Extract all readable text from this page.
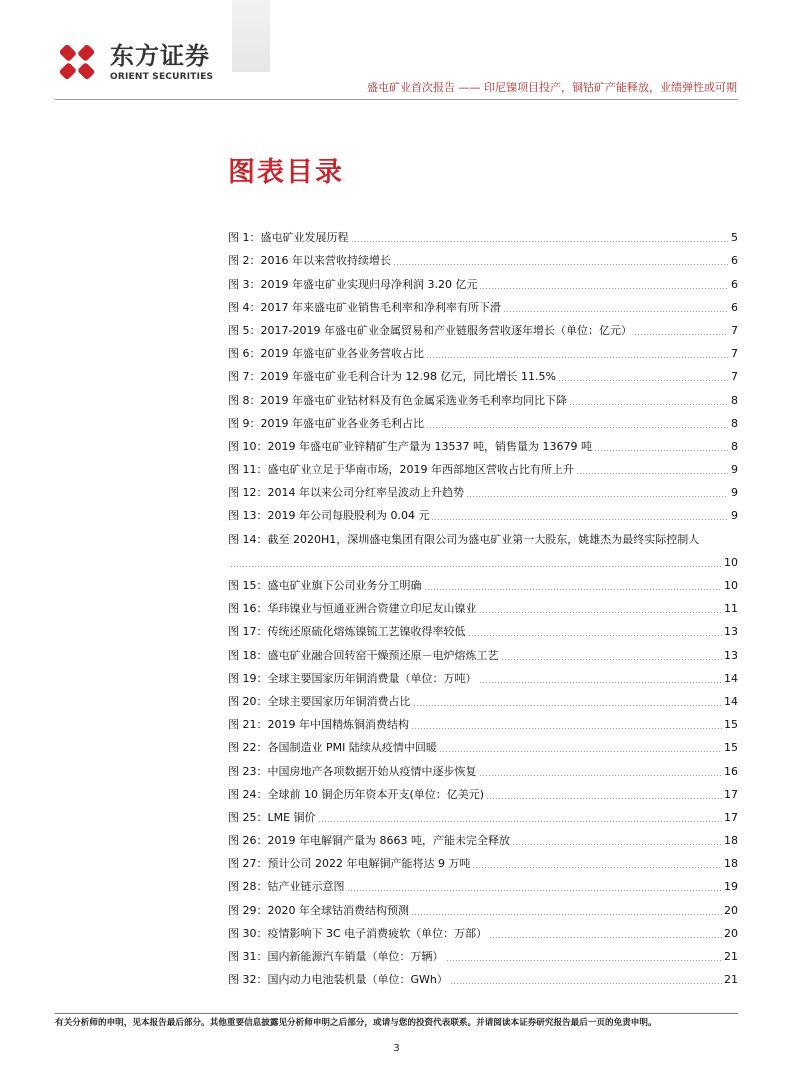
东方证券
ORIENT SECURITIES
盛屯矿业首次报告 —— 印尼镍项目投产，铜钴矿产能释放，业绩弹性或可期
图表目录
图 1：盛屯矿业发展历程	5
图 2：2016 年以来营收持续增长	6
图 3：2019 年盛屯矿业实现归母净利润 3.20 亿元	6
图 4：2017 年来盛屯矿业销售毛利率和净利率有所下滑	6
图 5：2017-2019 年盛屯矿业金属贸易和产业链服务营收逐年增长（单位：亿元）	7
图 6：2019 年盛屯矿业各业务营收占比	7
图 7：2019 年盛屯矿业毛利合计为 12.98 亿元，同比增长 11.5%	7
图 8：2019 年盛屯矿业钴材料及有色金属采选业务毛利率均同比下降	8
图 9：2019 年盛屯矿业各业务毛利占比	8
图 10：2019 年盛屯矿业锌精矿生产量为 13537 吨，销售量为 13679 吨	8
图 11：盛屯矿业立足于华南市场，2019 年西部地区营收占比有所上升	9
图 12：2014 年以来公司分红率呈波动上升趋势	9
图 13：2019 年公司每股股利为 0.04 元	9
图 14：截至 2020H1，深圳盛屯集团有限公司为盛屯矿业第一大股东，姚雄杰为最终实际控制人
10
图 15：盛屯矿业旗下公司业务分工明确	10
图 16：华玮镍业与恒通亚洲合资建立印尼友山镍业	11
图 17：传统还原硫化熔炼镍锍工艺镍收得率较低	13
图 18：盛屯矿业融合回转窑干燥预还原－电炉熔炼工艺	13
图 19：全球主要国家历年铜消费量（单位：万吨）	14
图 20：全球主要国家历年铜消费占比	14
图 21：2019 年中国精炼铜消费结构	15
图 22：各国制造业 PMI 陆续从疫情中回暖	15
图 23：中国房地产各项数据开始从疫情中逐步恢复	16
图 24：全球前 10 铜企历年资本开支(单位：亿美元)	17
图 25：LME 铜价	17
图 26：2019 年电解铜产量为 8663 吨，产能未完全释放	18
图 27：预计公司 2022 年电解铜产能将达 9 万吨	18
图 28：钴产业链示意图	19
图 29：2020 年全球钴消费结构预测	20
图 30：疫情影响下 3C 电子消费疲软（单位：万部）	20
图 31：国内新能源汽车销量（单位：万辆）	21
图 32：国内动力电池装机量（单位：GWh）	21
有关分析师的申明，见本报告最后部分。其他重要信息披露见分析师申明之后部分，或请与您的投资代表联系。并请阅读本证券研究报告最后一页的免责申明。
3
